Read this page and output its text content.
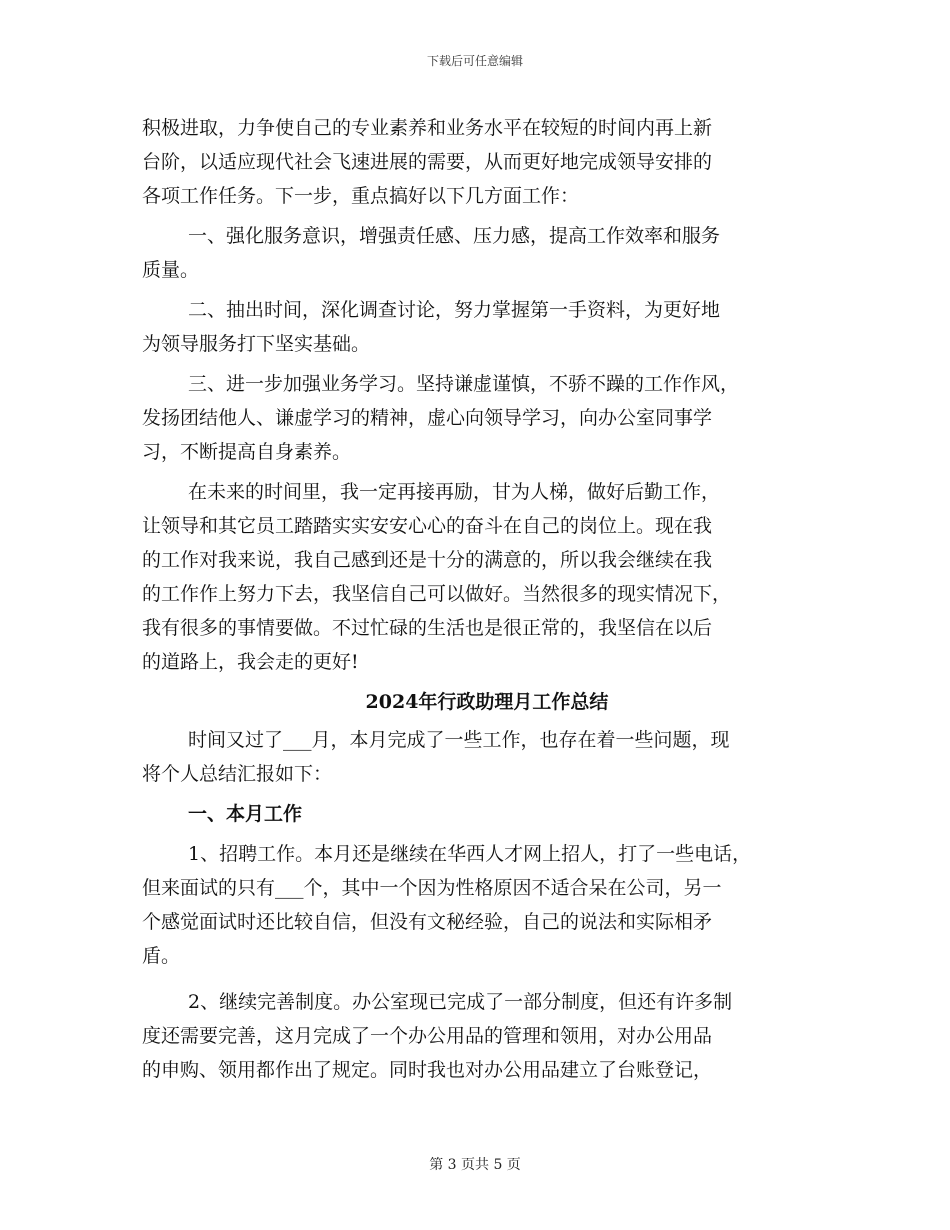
下载后可任意编辑
积极进取，力争使自己的专业素养和业务水平在较短的时间内再上新
台阶，以适应现代社会飞速进展的需要，从而更好地完成领导安排的
各项工作任务。下一步，重点搞好以下几方面工作：
一、强化服务意识，增强责任感、压力感，提高工作效率和服务
质量。
二、抽出时间，深化调查讨论，努力掌握第一手资料，为更好地
为领导服务打下坚实基础。
三、进一步加强业务学习。坚持谦虚谨慎，不骄不躁的工作作风，
发扬团结他人、谦虚学习的精神，虚心向领导学习，向办公室同事学
习，不断提高自身素养。
在未来的时间里，我一定再接再励，甘为人梯，做好后勤工作，
让领导和其它员工踏踏实实安安心心的奋斗在自己的岗位上。现在我
的工作对我来说，我自己感到还是十分的满意的，所以我会继续在我
的工作作上努力下去，我坚信自己可以做好。当然很多的现实情况下，
我有很多的事情要做。不过忙碌的生活也是很正常的，我坚信在以后
的道路上，我会走的更好!
2024年行政助理月工作总结
时间又过了___月，本月完成了一些工作，也存在着一些问题，现
将个人总结汇报如下：
一、本月工作
1、招聘工作。本月还是继续在华西人才网上招人，打了一些电话，
但来面试的只有___个，其中一个因为性格原因不适合呆在公司，另一
个感觉面试时还比较自信，但没有文秘经验，自己的说法和实际相矛
盾。
2、继续完善制度。办公室现已完成了一部分制度，但还有许多制
度还需要完善，这月完成了一个办公用品的管理和领用，对办公用品
的申购、领用都作出了规定。同时我也对办公用品建立了台账登记，
第 3 页共 5 页
